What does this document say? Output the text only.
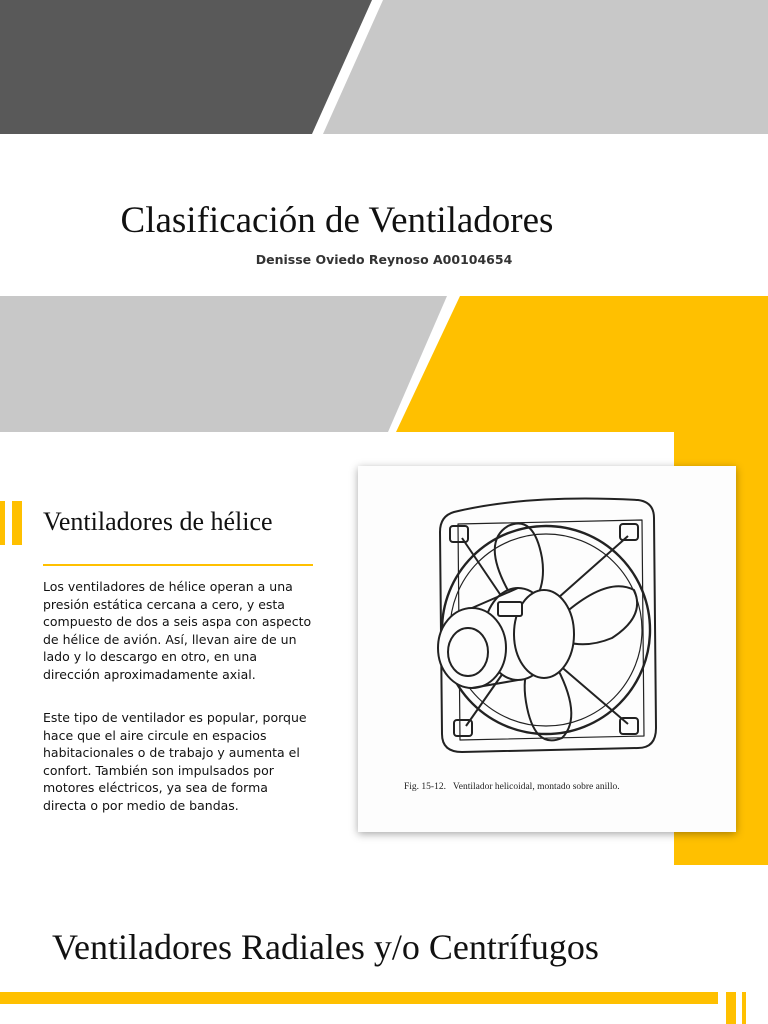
Clasificación de Ventiladores
Denisse Oviedo Reynoso A00104654
Ventiladores de hélice

Los ventiladores de hélice operan a una
presión estática cercana a cero, y esta
compuesto de dos a seis aspa con aspecto
de hélice de avión. Así, llevan aire de un
lado y lo descargo en otro, en una
dirección aproximadamente axial.

Este tipo de ventilador es popular, porque
hace que el aire circule en espacios
habitacionales o de trabajo y aumenta el
confort. También son impulsados por
motores eléctricos, ya sea de forma
directa o por medio de bandas.

Fig. 15-12.   Ventilador helicoidal, montado sobre anillo.
Ventiladores Radiales y/o Centrífugos
